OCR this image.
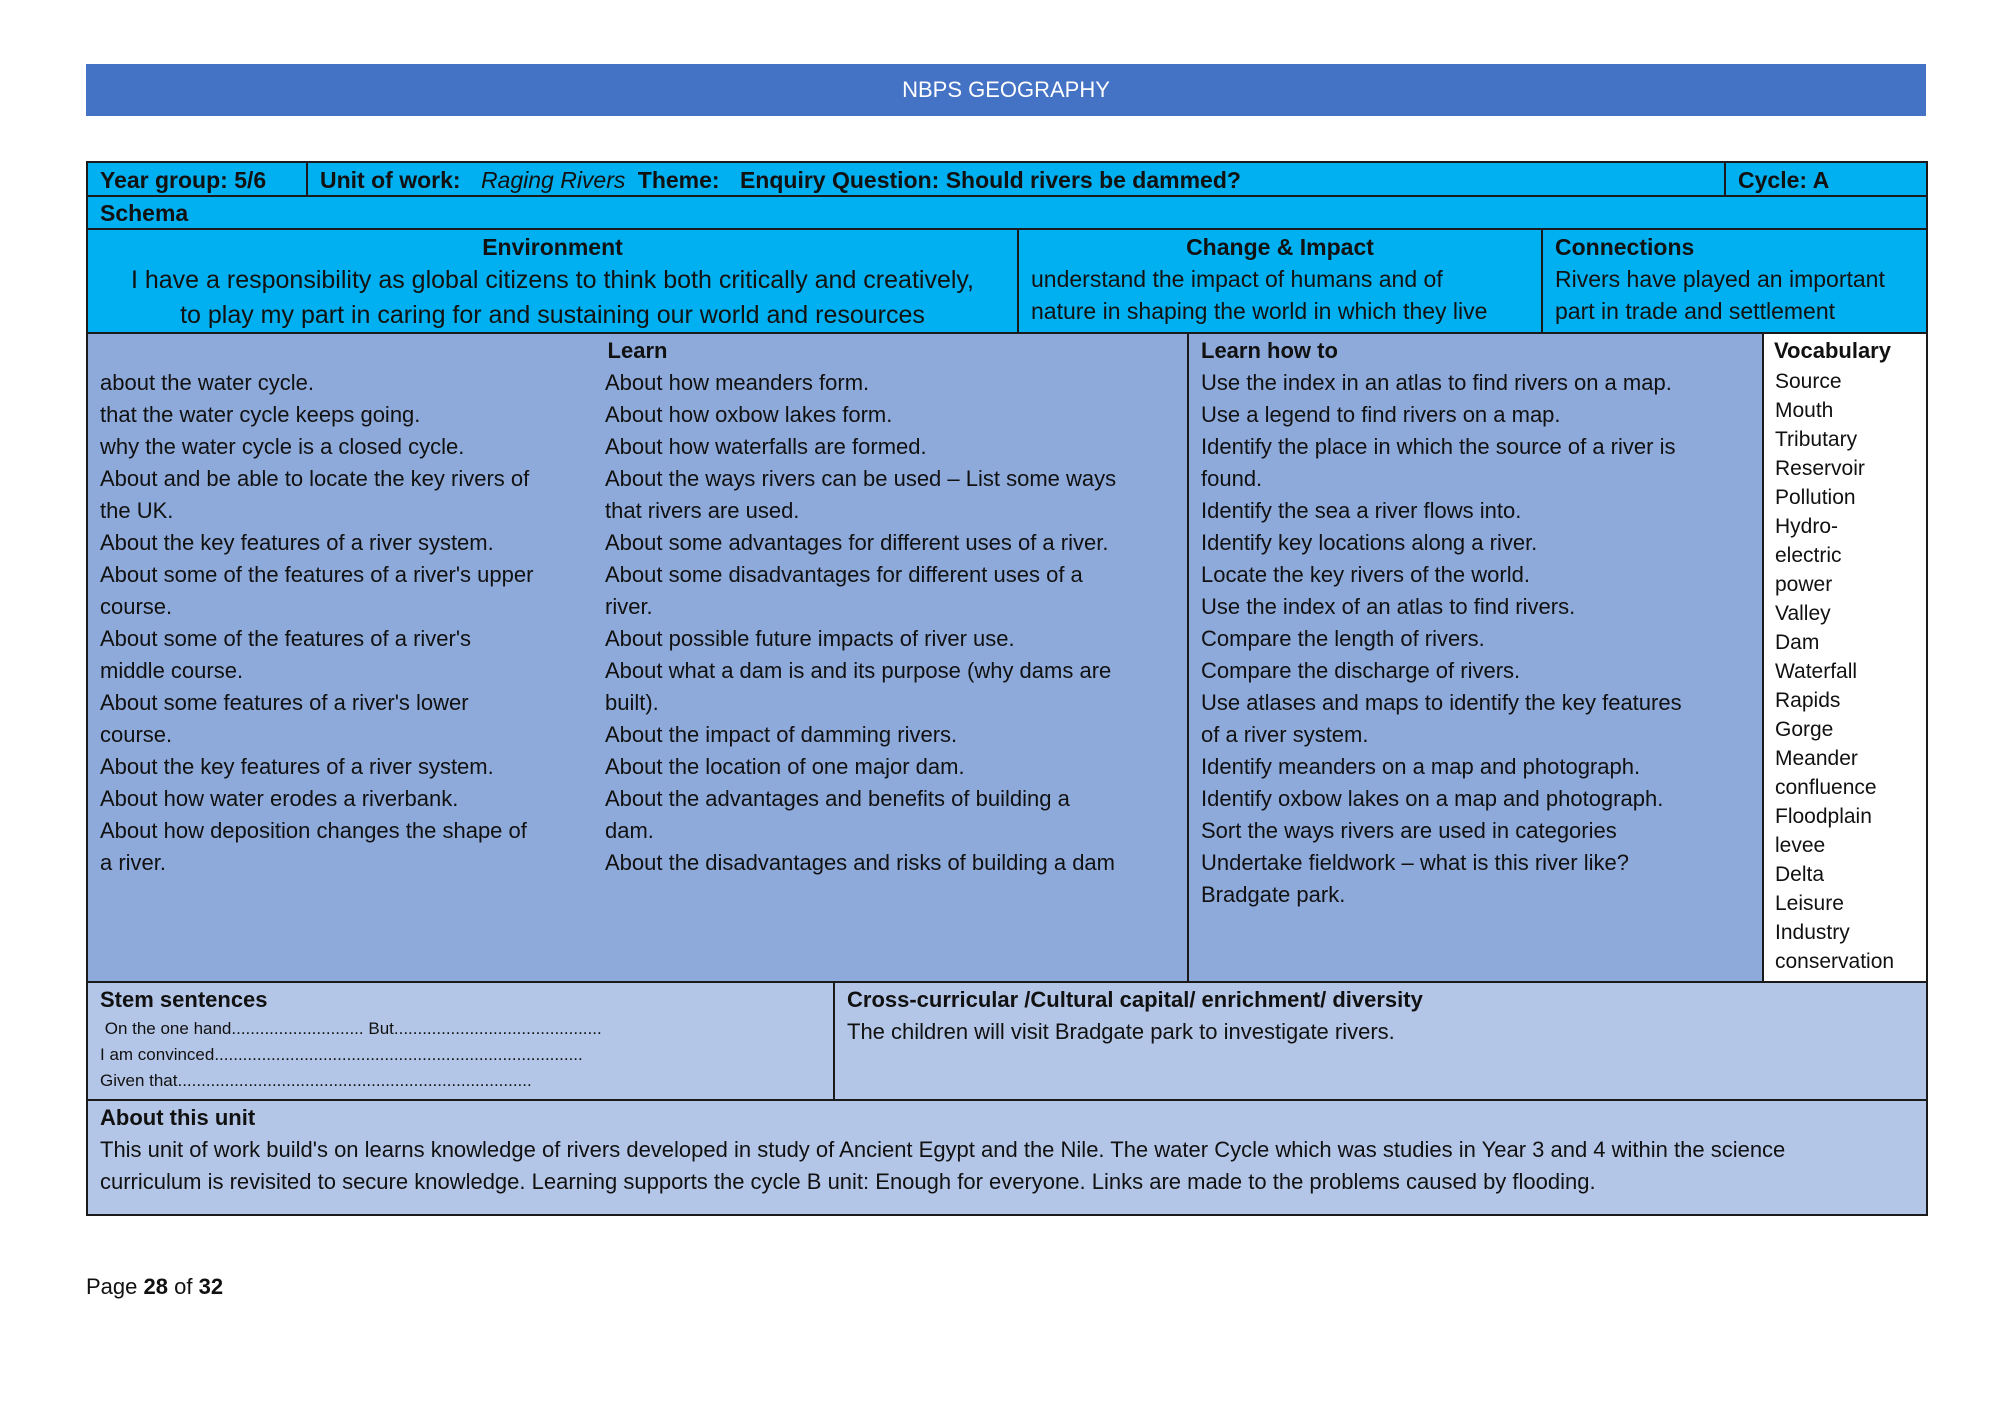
NBPS GEOGRAPHY
Year group: 5/6	Unit of work: Raging Rivers Theme: Enquiry Question: Should rivers be dammed?	Cycle: A
Schema
Environment
I have a responsibility as global citizens to think both critically and creatively,
to play my part in caring for and sustaining our world and resources
Change & Impact
understand the impact of humans and of
nature in shaping the world in which they live
Connections
Rivers have played an important
part in trade and settlement
Learn
about the water cycle.
that the water cycle keeps going.
why the water cycle is a closed cycle.
About and be able to locate the key rivers of
the UK.
About the key features of a river system.
About some of the features of a river's upper
course.
About some of the features of a river's
middle course.
About some features of a river's lower
course.
About the key features of a river system.
About how water erodes a riverbank.
About how deposition changes the shape of
a river.
About how meanders form.
About how oxbow lakes form.
About how waterfalls are formed.
About the ways rivers can be used – List some ways
that rivers are used.
About some advantages for different uses of a river.
About some disadvantages for different uses of a
river.
About possible future impacts of river use.
About what a dam is and its purpose (why dams are
built).
About the impact of damming rivers.
About the location of one major dam.
About the advantages and benefits of building a
dam.
About the disadvantages and risks of building a dam
Learn how to
Use the index in an atlas to find rivers on a map.
Use a legend to find rivers on a map.
Identify the place in which the source of a river is
found.
Identify the sea a river flows into.
Identify key locations along a river.
Locate the key rivers of the world.
Use the index of an atlas to find rivers.
Compare the length of rivers.
Compare the discharge of rivers.
Use atlases and maps to identify the key features
of a river system.
Identify meanders on a map and photograph.
Identify oxbow lakes on a map and photograph.
Sort the ways rivers are used in categories
Undertake fieldwork – what is this river like?
Bradgate park.
Vocabulary
Source
Mouth
Tributary
Reservoir
Pollution
Hydro-
electric
power
Valley
Dam
Waterfall
Rapids
Gorge
Meander
confluence
Floodplain
levee
Delta
Leisure
Industry
conservation
Stem sentences
On the one hand............................ But............................................
I am convinced..............................................................................
Given that...........................................................................
Cross-curricular /Cultural capital/ enrichment/ diversity
The children will visit Bradgate park to investigate rivers.
About this unit
This unit of work build's on learns knowledge of rivers developed in study of Ancient Egypt and the Nile. The water Cycle which was studies in Year 3 and 4 within the science curriculum is revisited to secure knowledge. Learning supports the cycle B unit: Enough for everyone. Links are made to the problems caused by flooding.
Page 28 of 32
